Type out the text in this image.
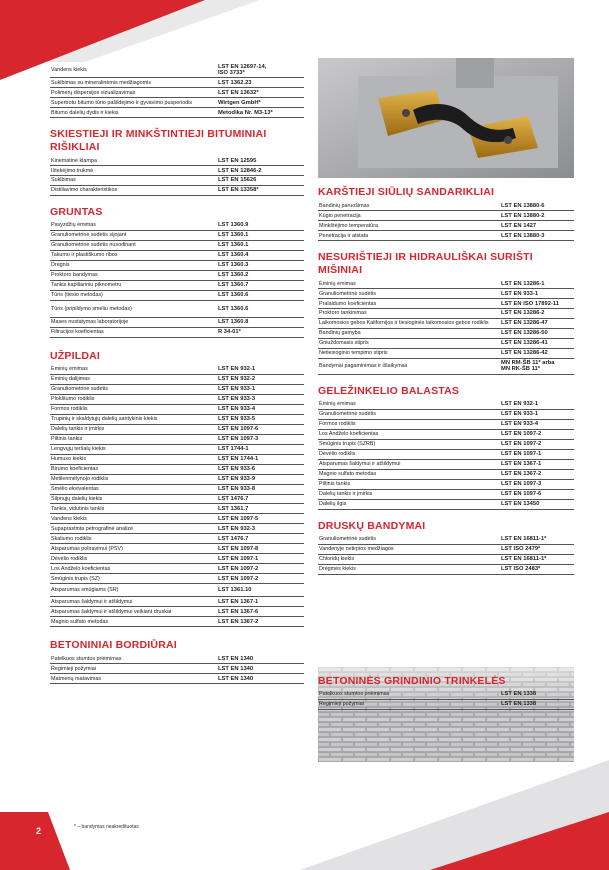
Vandens kiekis	LST EN 12697-14,
ISO 3733*
Suklbimas su mineralinėmis medžiagomis	LST 1362.23
Polimerų dispersijos vizualizavimas	LST EN 13632*
Supertrotu bitumo tūrio pašildėjimo ir gyvavimo pusperiodis	Wirtgen GmbH*
Bitumo dalelių dydis ir kiekis	Metodika Nr. M3-13*
SKIESTIEJI IR MINKŠTINTIEJI BITUMINIAI RIŠIKLIAI
Kinematinė klampa	LST EN 12595
Ištekėjimo trukmė	LST EN 12846-2
Suklbimas	LST EN 15626
Distiliavimo charakteristikos	LST EN 13358*
GRUNTAS
Pavyzdžių ėmimas	LST 1360.9
Granuliometrinė sudėtis sijojant	LST 1360.1
Granuliometrinė sudėtis nusodinant	LST 1360.1
Takumo ir plastiškumo ribos	LST 1360.4
Drėgnis	LST 1360.3
Proktoro bandymas	LST 1360.2
Tankis kapiliariniu piknometru	LST 1360.7
Tūris (tiesio metodas)	LST 1360.6
Tūris (pripildymo smėliu metodas)	LST 1360.6
Mases nustatymas laboratorijoje	LST 1360.8
Filtracijos koeficientas	R 34-01*
UŽPILDAI
Ėminių ėmimas	LST EN 932-1
Ėminių dalijimas	LST EN 932-2
Granuliometrinė sudėtis	LST EN 933-1
Plokštumo rodiklis	LST EN 933-3
Formos rodiklis	LST EN 933-4
Trupinių ir skaldytųjų dalelių santykinis kiekis	LST EN 933-5
Dalelių tankis ir įmirkis	LST EN 1097-6
Piltinis tankis	LST EN 1097-3
Lengvųjų teršalų kiekis	LST 1744-1
Humuso kiekis	LST EN 1744-1
Birumo koeficientas	LST EN 933-6
Metilenmėlynojo rodiklis	LST EN 933-9
Smėlio ekvivalentas	LST EN 933-8
Silpnųjų dalelių kiekis	LST 1476.7
Tankis, vidutinis tankis	LST 1361.7
Vandens kiekis	LST EN 1097-5
Supaprastinta petrografinė analizė	LST EN 932-3
Skaliumo rodiklis	LST 1476.7
Atsparumas poliravimui (PSV)	LST EN 1097-8
Dėvėlio rodiklis	LST EN 1097-1
Los Andželo koeficientas	LST EN 1097-2
Smūginis trupis (SZ)	LST EN 1097-2
Atsparumas smūgiams (SR)	LST 1361.10
Atsparumas šaldymui ir atšildymui	LST EN 1367-1
Atsparumas šaldymui ir atšildymui veikiant druskai	LST EN 1367-6
Magnio sulfato metodas	LST EN 1367-2
BETONINIAI BORDIŪRAI
Patelkuos stumtos priėmimas	LST EN 1340
Regimieji požymiai	LST EN 1340
Matmenų matavimas	LST EN 1340
KARŠTIEJI SIŪLIŲ SANDARIKLIAI
Bandinių paruošimas	LST EN 13880-6
Kūgio penetracija	LST EN 13880-2
Minkštėjimo temperatūra	LST EN 1427
Penetracija ir atstata	LST EN 13880-3
NESURIŠTIEJI IR HIDRAULIŠKAI SURIŠTI MIŠINIAI
Ėminių ėmimas	LST EN 13286-1
Granuliometrinė sudėtis	LST EN 933-1
Pralaidumo koeficientas	LST EN ISO 17892-11
Proktoro tankinimas	LST EN 13286-2
Laikomosios gebos Kalifornijos ir tiesioginės laikomosios gebos rodiklis	LST EN 13286-47
Bandinių gamyba	LST EN 13286-50
Gniuždomasis stipris	LST EN 13286-41
Netiesioginio tempimo stipris	LST EN 13286-42
Bandymai pagaminimas ir išlaikymas	MN RM-ŠB 11* arba
MN RK-ŠB 11*
GELEŽINKELIO BALASTAS
Ėminių ėmimas	LST EN 932-1
Granuliometrinė sudėtis	LST EN 933-1
Formos rodiklis	LST EN 933-4
Los Andželo koeficientas	LST EN 1097-2
Smūginis trupis (SZRB)	LST EN 1097-2
Dėvėlio rodiklis	LST EN 1097-1
Atsparumas šaldymui ir atšildymui	LST EN 1367-1
Magnio sulfato metodas	LST EN 1367-2
Piltinis tankis	LST EN 1097-3
Dalelių tankis ir įmirkis	LST EN 1097-6
Dalelių ilgis	LST EN 13450
DRUSKŲ BANDYMAI
Granuliometrinė sudėtis	LST EN 16811-1*
Vandenyje netirpios medžiagos	LST ISO 2479*
Chloridų kiekis	LST EN 16811-1*
Drėgmės kiekis	LST ISO 2483*
BETONINĖS GRINDINIO TRINKELĖS
Patelkuos stumtos priėmimas	LST EN 1338
Regimieji požymiai	LST EN 1338
2	* – bandymas neakredituotas
